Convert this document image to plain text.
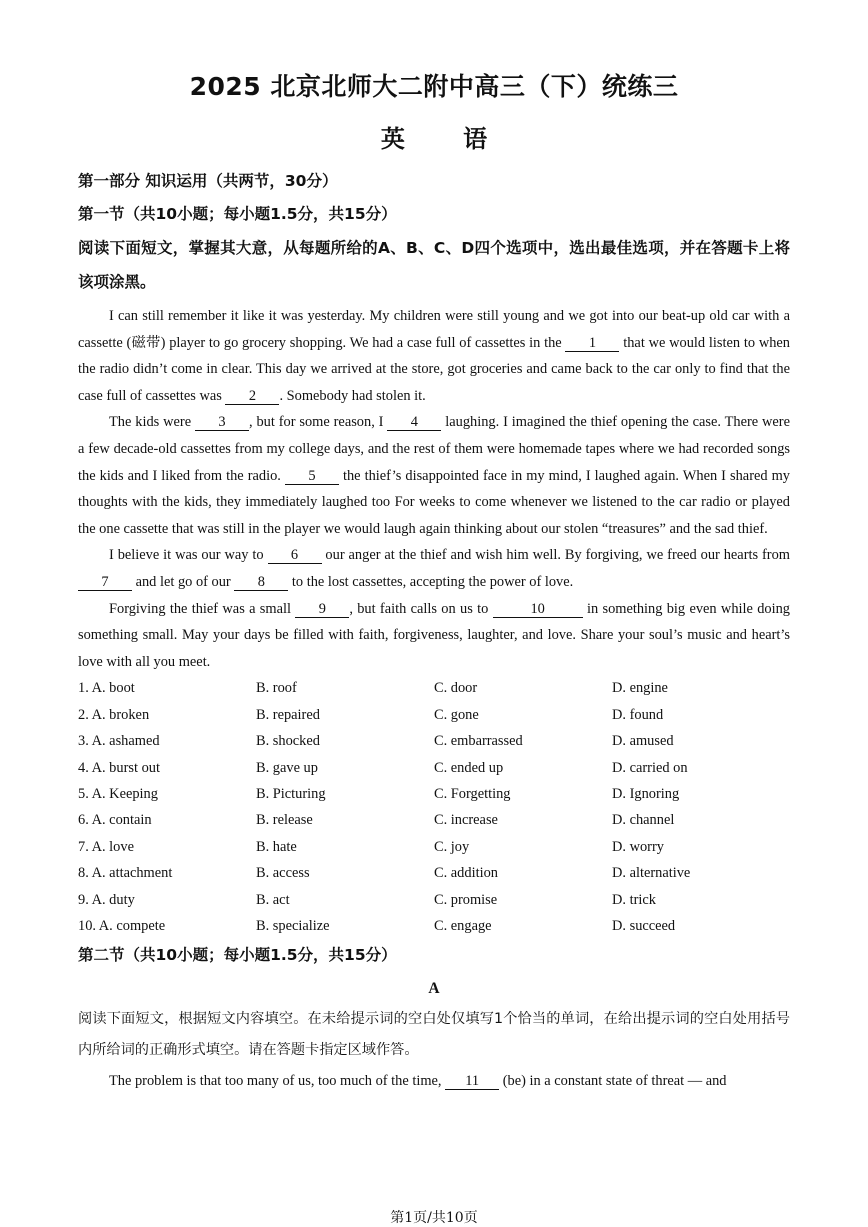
2025 北京北师大二附中高三（下）统练三
英 语

第一部分 知识运用（共两节，30分）

第一节（共10小题；每小题1.5分，共15分）

阅读下面短文，掌握其大意，从每题所给的A、B、C、D四个选项中，选出最佳选项，并在答题卡上将该项涂黑。

I can still remember it like it was yesterday. My children were still young and we got into our beat-up old car with a cassette (磁带) player to go grocery shopping. We had a case full of cassettes in the 1 that we would listen to when the radio didn’t come in clear. This day we arrived at the store, got groceries and came back to the car only to find that the case full of cassettes was 2 . Somebody had stolen it.

The kids were 3 , but for some reason, I 4 laughing. I imagined the thief opening the case. There were a few decade-old cassettes from my college days, and the rest of them were homemade tapes where we had recorded songs the kids and I liked from the radio. 5 the thief’s disappointed face in my mind, I laughed again. When I shared my thoughts with the kids, they immediately laughed too For weeks to come whenever we listened to the car radio or played the one cassette that was still in the player we would laugh again thinking about our stolen “treasures” and the sad thief.

I believe it was our way to 6 our anger at the thief and wish him well. By forgiving, we freed our hearts from 7 and let go of our 8 to the lost cassettes, accepting the power of love.

Forgiving the thief was a small 9 , but faith calls on us to	10	in something big even while doing something small. May your days be filled with faith, forgiveness, laughter, and love. Share your soul’s music and heart’s love with all you meet.

1. A. boot	B. roof	C. door	D. engine
2. A. broken	B. repaired	C. gone	D. found
3. A. ashamed	B. shocked	C. embarrassed	D. amused
4. A. burst out	B. gave up	C. ended up	D. carried on
5. A. Keeping	B. Picturing	C. Forgetting	D. Ignoring
6. A. contain	B. release	C. increase	D. channel
7. A. love	B. hate	C. joy	D. worry
8. A. attachment	B. access	C. addition	D. alternative
9. A. duty	B. act	C. promise	D. trick
10. A. compete	B. specialize	C. engage	D. succeed

第二节（共10小题；每小题1.5分，共15分）

A

阅读下面短文，根据短文内容填空。在未给提示词的空白处仅填写1个恰当的单词，在给出提示词的空白处用括号内所给词的正确形式填空。请在答题卡指定区域作答。

The problem is that too many of us, too much of the time, 11 (be) in a constant state of threat — and

第1页/共10页
